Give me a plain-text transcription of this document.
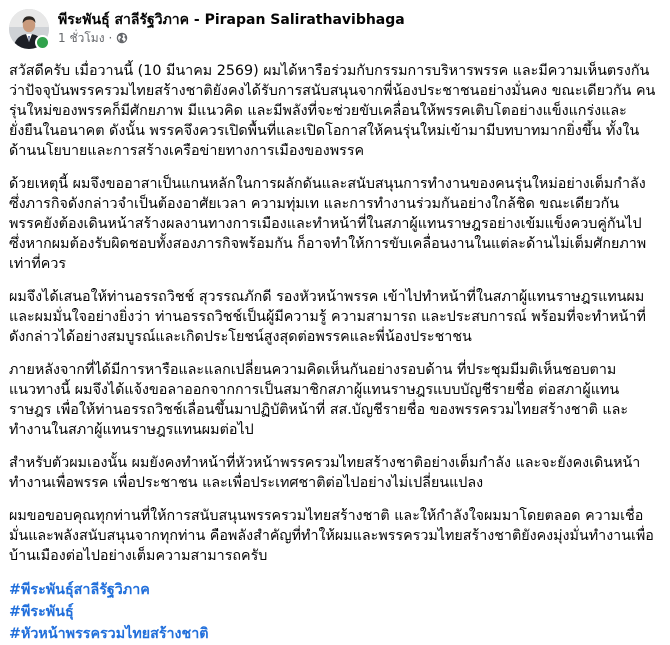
พีระพันธุ์ สาลีรัฐวิภาค - Pirapan Salirathavibhaga
1 ชั่วโมง ·

สวัสดีครับ เมื่อวานนี้ (10 มีนาคม 2569) ผมได้หารือร่วมกับกรรมการบริหารพรรค และมีความเห็นตรงกันว่าปัจจุบันพรรครวมไทยสร้างชาติยังคงได้รับการสนับสนุนจากพี่น้องประชาชนอย่างมั่นคง ขณะเดียวกัน คนรุ่นใหม่ของพรรคก็มีศักยภาพ มีแนวคิด และมีพลังที่จะช่วยขับเคลื่อนให้พรรคเติบโตอย่างแข็งแกร่งและยั่งยืนในอนาคต ดังนั้น พรรคจึงควรเปิดพื้นที่และเปิดโอกาสให้คนรุ่นใหม่เข้ามามีบทบาทมากยิ่งขึ้น ทั้งในด้านนโยบายและการสร้างเครือข่ายทางการเมืองของพรรค

ด้วยเหตุนี้ ผมจึงขออาสาเป็นแกนหลักในการผลักดันและสนับสนุนการทำงานของคนรุ่นใหม่อย่างเต็มกำลัง ซึ่งภารกิจดังกล่าวจำเป็นต้องอาศัยเวลา ความทุ่มเท และการทำงานร่วมกันอย่างใกล้ชิด ขณะเดียวกัน พรรคยังต้องเดินหน้าสร้างผลงานทางการเมืองและทำหน้าที่ในสภาผู้แทนราษฎรอย่างเข้มแข็งควบคู่กันไป ซึ่งหากผมต้องรับผิดชอบทั้งสองภารกิจพร้อมกัน ก็อาจทำให้การขับเคลื่อนงานในแต่ละด้านไม่เต็มศักยภาพเท่าที่ควร

ผมจึงได้เสนอให้ท่านอรรถวิชช์ สุวรรณภักดี รองหัวหน้าพรรค เข้าไปทำหน้าที่ในสภาผู้แทนราษฎรแทนผม และผมมั่นใจอย่างยิ่งว่า ท่านอรรถวิชช์เป็นผู้มีความรู้ ความสามารถ และประสบการณ์ พร้อมที่จะทำหน้าที่ดังกล่าวได้อย่างสมบูรณ์และเกิดประโยชน์สูงสุดต่อพรรคและพี่น้องประชาชน

ภายหลังจากที่ได้มีการหารือและแลกเปลี่ยนความคิดเห็นกันอย่างรอบด้าน ที่ประชุมมีมติเห็นชอบตามแนวทางนี้ ผมจึงได้แจ้งขอลาออกจากการเป็นสมาชิกสภาผู้แทนราษฎรแบบบัญชีรายชื่อ ต่อสภาผู้แทนราษฎร เพื่อให้ท่านอรรถวิชช์เลื่อนขึ้นมาปฏิบัติหน้าที่ สส.บัญชีรายชื่อ ของพรรครวมไทยสร้างชาติ และทำงานในสภาผู้แทนราษฎรแทนผมต่อไป

สำหรับตัวผมเองนั้น ผมยังคงทำหน้าที่หัวหน้าพรรครวมไทยสร้างชาติอย่างเต็มกำลัง และจะยังคงเดินหน้าทำงานเพื่อพรรค เพื่อประชาชน และเพื่อประเทศชาติต่อไปอย่างไม่เปลี่ยนแปลง

ผมขอขอบคุณทุกท่านที่ให้การสนับสนุนพรรครวมไทยสร้างชาติ และให้กำลังใจผมมาโดยตลอด ความเชื่อมั่นและพลังสนับสนุนจากทุกท่าน คือพลังสำคัญที่ทำให้ผมและพรรครวมไทยสร้างชาติยังคงมุ่งมั่นทำงานเพื่อบ้านเมืองต่อไปอย่างเต็มความสามารถครับ

#พีระพันธุ์สาลีรัฐวิภาค
#พีระพันธุ์
#หัวหน้าพรรครวมไทยสร้างชาติ
